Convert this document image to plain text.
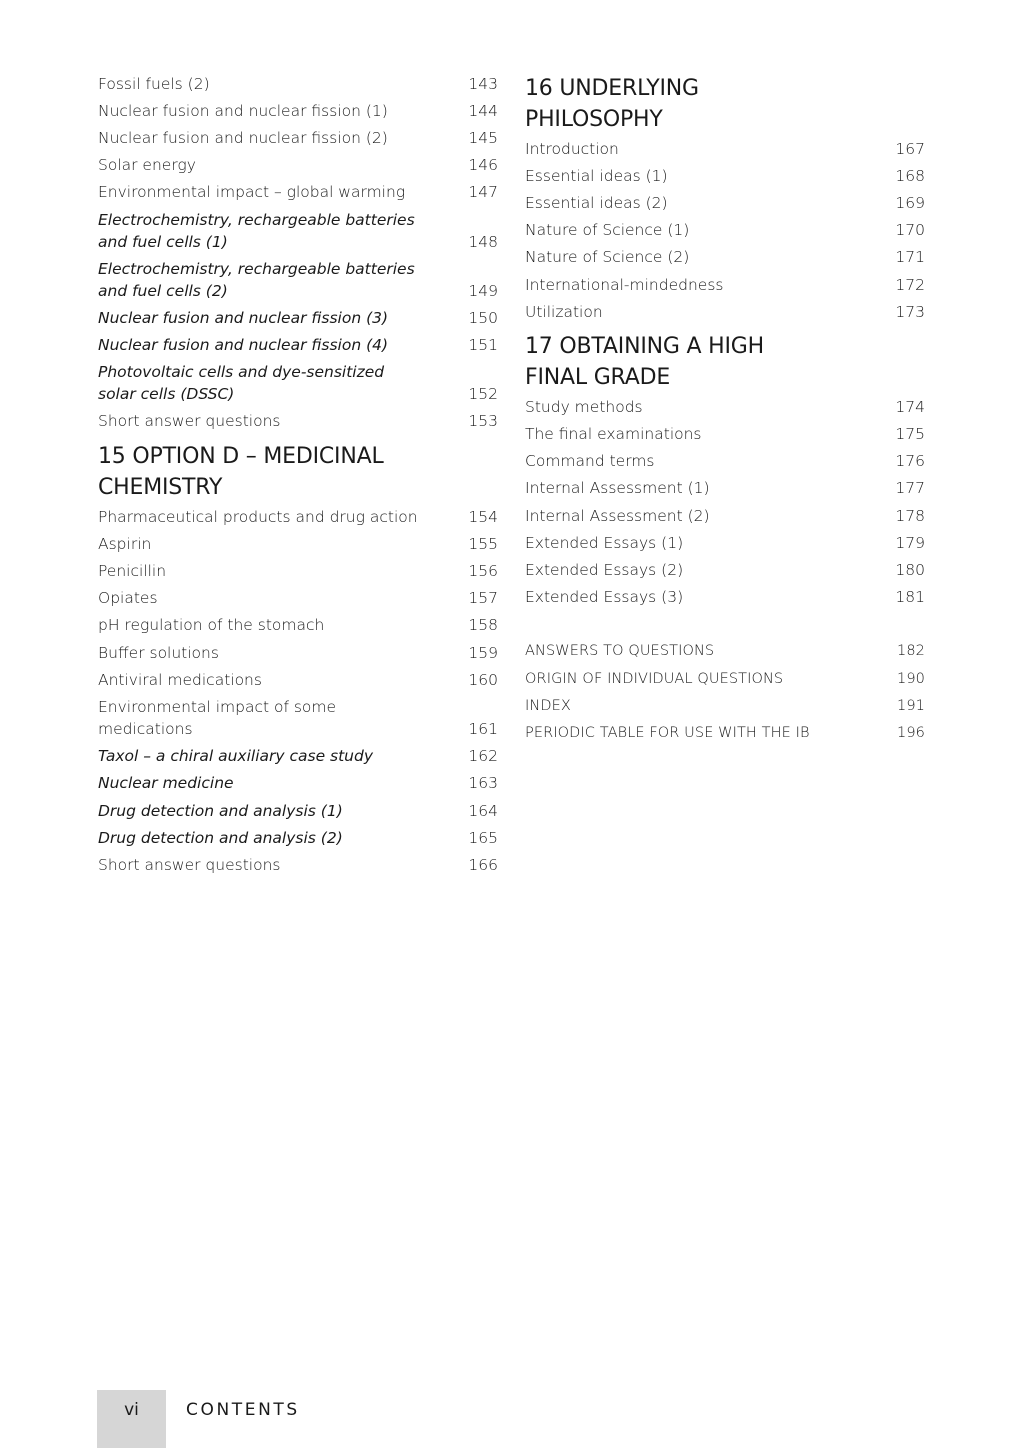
Fossil fuels (2)	143
Nuclear fusion and nuclear fission (1)	144
Nuclear fusion and nuclear fission (2)	145
Solar energy	146
Environmental impact – global warming	147
Electrochemistry, rechargeable batteries and fuel cells (1)	148
Electrochemistry, rechargeable batteries and fuel cells (2)	149
Nuclear fusion and nuclear fission (3)	150
Nuclear fusion and nuclear fission (4)	151
Photovoltaic cells and dye-sensitized solar cells (DSSC)	152
Short answer questions	153
15 OPTION D – MEDICINAL CHEMISTRY
Pharmaceutical products and drug action	154
Aspirin	155
Penicillin	156
Opiates	157
pH regulation of the stomach	158
Buffer solutions	159
Antiviral medications	160
Environmental impact of some medications	161
Taxol – a chiral auxiliary case study	162
Nuclear medicine	163
Drug detection and analysis (1)	164
Drug detection and analysis (2)	165
Short answer questions	166
16 UNDERLYING PHILOSOPHY
Introduction	167
Essential ideas (1)	168
Essential ideas (2)	169
Nature of Science (1)	170
Nature of Science (2)	171
International-mindedness	172
Utilization	173
17 OBTAINING A HIGH FINAL GRADE
Study methods	174
The final examinations	175
Command terms	176
Internal Assessment (1)	177
Internal Assessment (2)	178
Extended Essays (1)	179
Extended Essays (2)	180
Extended Essays (3)	181
ANSWERS TO QUESTIONS	182
ORIGIN OF INDIVIDUAL QUESTIONS	190
INDEX	191
PERIODIC TABLE FOR USE WITH THE IB	196
vi	CONTENTS
